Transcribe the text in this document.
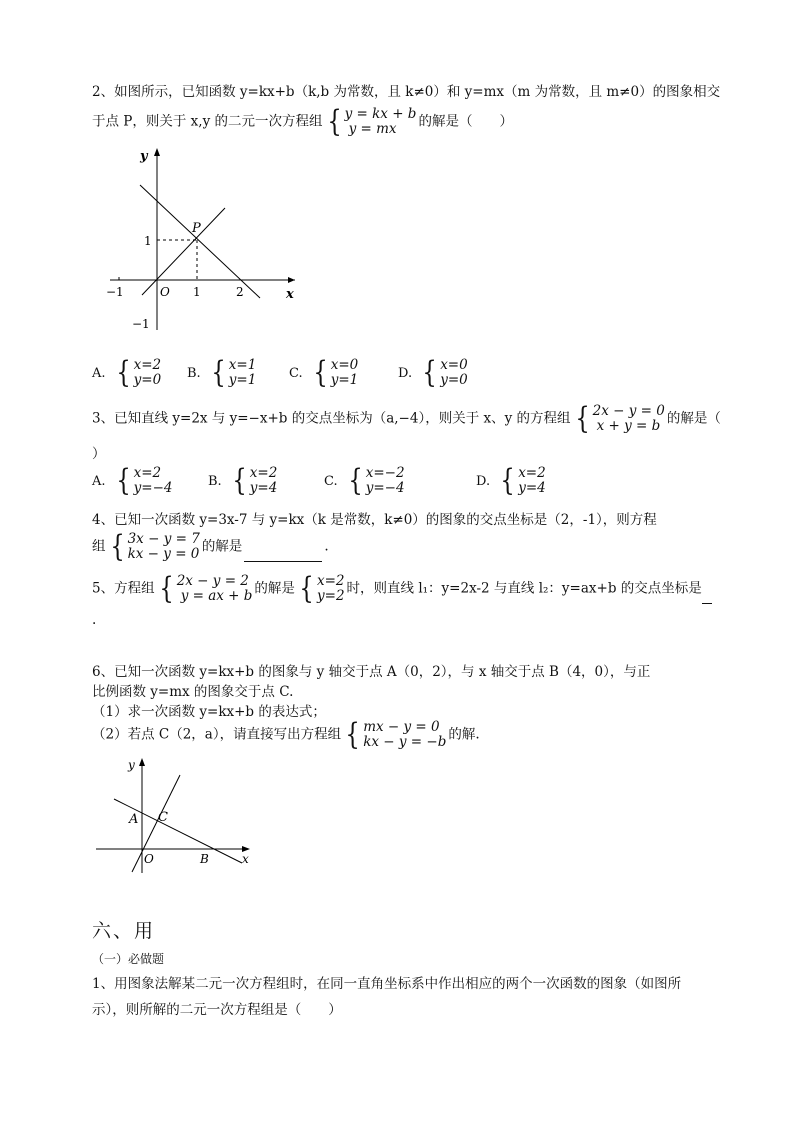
2、如图所示，已知函数 y=kx+b（k,b 为常数，且 k≠0）和 y=mx（m 为常数，且 m≠0）的图象相交
于点 P，则关于 x,y 的二元一次方程组 { y = kx + b
y = mx	的解是（　　）
y
x
P
O
1
−1	1	2
−1
A. { x=2
y=0 B. { x=1
y=1	C. { x=0
y=1	D. { x=0
y=0
3、已知直线 y=2x 与 y=−x+b 的交点坐标为（a,−4），则关于 x、y 的方程组 { 2x − y = 0
x + y = b 的解是（
）
A. { x=2
y=−4	B. { x=2
y=4	C. { x=−2
y=−4	D. { x=2
y=4
4、已知一次函数 y=3x-7 与 y=kx（k 是常数，k≠0）的图象的交点坐标是（2，-1），则方程
组 { 3x − y = 7
kx − y = 0 的解是	.
5、方程组 { 2x − y = 2
y = ax + b 的解是 { x=2
y=2 时，则直线 l₁：y=2x-2 与直线 l₂：y=ax+b 的交点坐标是
.
6、已知一次函数 y=kx+b 的图象与 y 轴交于点 A（0，2），与 x 轴交于点 B（4，0），与正
比例函数 y=mx 的图象交于点 C.
（1）求一次函数 y=kx+b 的表达式；
（2）若点 C（2，a），请直接写出方程组 { mx − y = 0
kx − y = −b 的解.
y
x
A C
O	B
六、用
（一）必做题
1、用图象法解某二元一次方程组时，在同一直角坐标系中作出相应的两个一次函数的图象（如图所
示），则所解的二元一次方程组是（　　）
